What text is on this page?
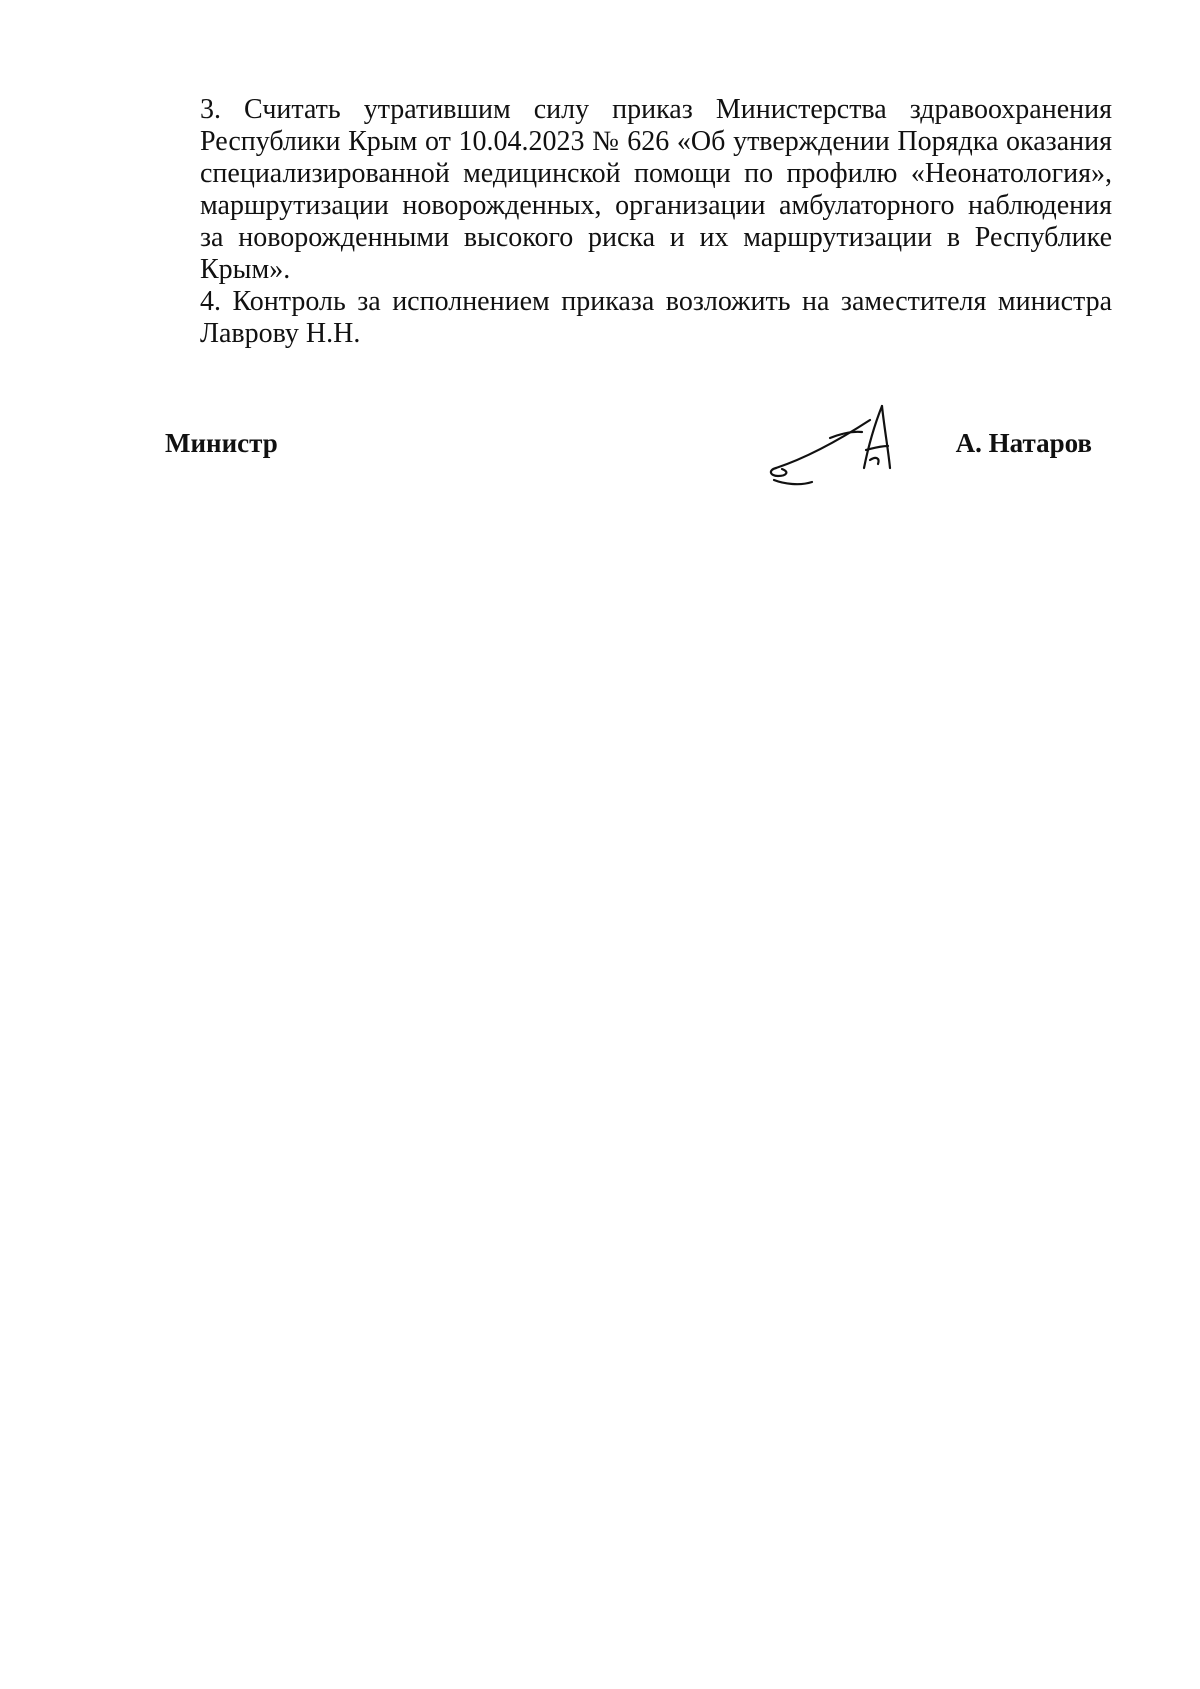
3. Считать утратившим силу приказ Министерства здравоохранения Республики Крым от 10.04.2023 № 626 «Об утверждении Порядка оказания специализированной медицинской помощи по профилю «Неонатология», маршрутизации новорожденных, организации амбулаторного наблюдения за новорожденными высокого риска и их маршрутизации в Республике Крым».

4. Контроль за исполнением приказа возложить на заместителя министра Лаврову Н.Н.

Министр	А. Натаров
